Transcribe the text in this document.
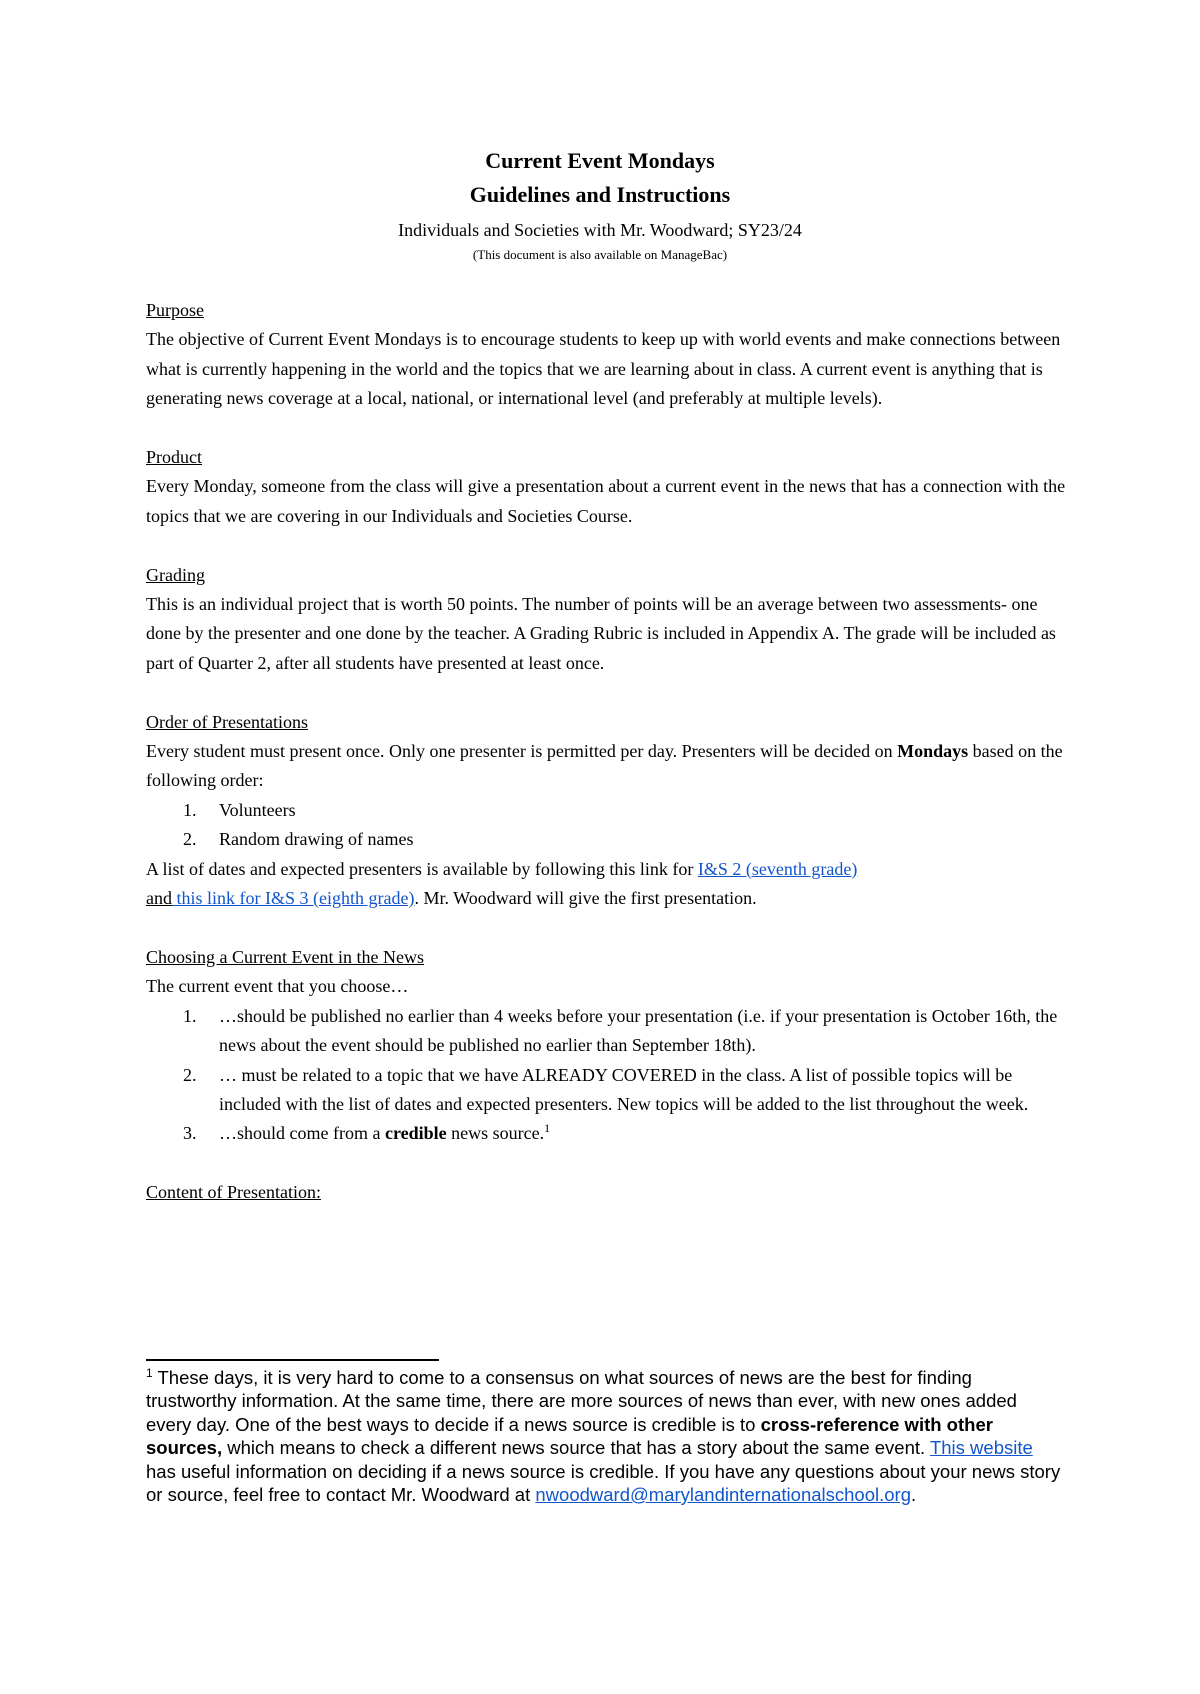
Current Event Mondays
Guidelines and Instructions
Individuals and Societies with Mr. Woodward; SY23/24
(This document is also available on ManageBac)
Purpose
The objective of Current Event Mondays is to encourage students to keep up with world events and make connections between what is currently happening in the world and the topics that we are learning about in class. A current event is anything that is generating news coverage at a local, national, or international level (and preferably at multiple levels).
Product
Every Monday, someone from the class will give a presentation about a current event in the news that has a connection with the topics that we are covering in our Individuals and Societies Course.
Grading
This is an individual project that is worth 50 points. The number of points will be an average between two assessments- one done by the presenter and one done by the teacher. A Grading Rubric is included in Appendix A. The grade will be included as part of Quarter 2, after all students have presented at least once.
Order of Presentations
Every student must present once. Only one presenter is permitted per day. Presenters will be decided on Mondays based on the following order:
1. Volunteers
2. Random drawing of names
A list of dates and expected presenters is available by following this link for I&S 2 (seventh grade)
and this link for I&S 3 (eighth grade). Mr. Woodward will give the first presentation.
Choosing a Current Event in the News
The current event that you choose…
1. …should be published no earlier than 4 weeks before your presentation (i.e. if your presentation is October 16th, the news about the event should be published no earlier than September 18th).
2. … must be related to a topic that we have ALREADY COVERED in the class. A list of possible topics will be included with the list of dates and expected presenters. New topics will be added to the list throughout the week.
3. …should come from a credible news source.$^1$
Content of Presentation:
$^1$ These days, it is very hard to come to a consensus on what sources of news are the best for finding trustworthy information. At the same time, there are more sources of news than ever, with new ones added every day. One of the best ways to decide if a news source is credible is to cross-reference with other sources, which means to check a different news source that has a story about the same event. This website has useful information on deciding if a news source is credible. If you have any questions about your news story or source, feel free to contact Mr. Woodward at nwoodward@marylandinternationalschool.org.
